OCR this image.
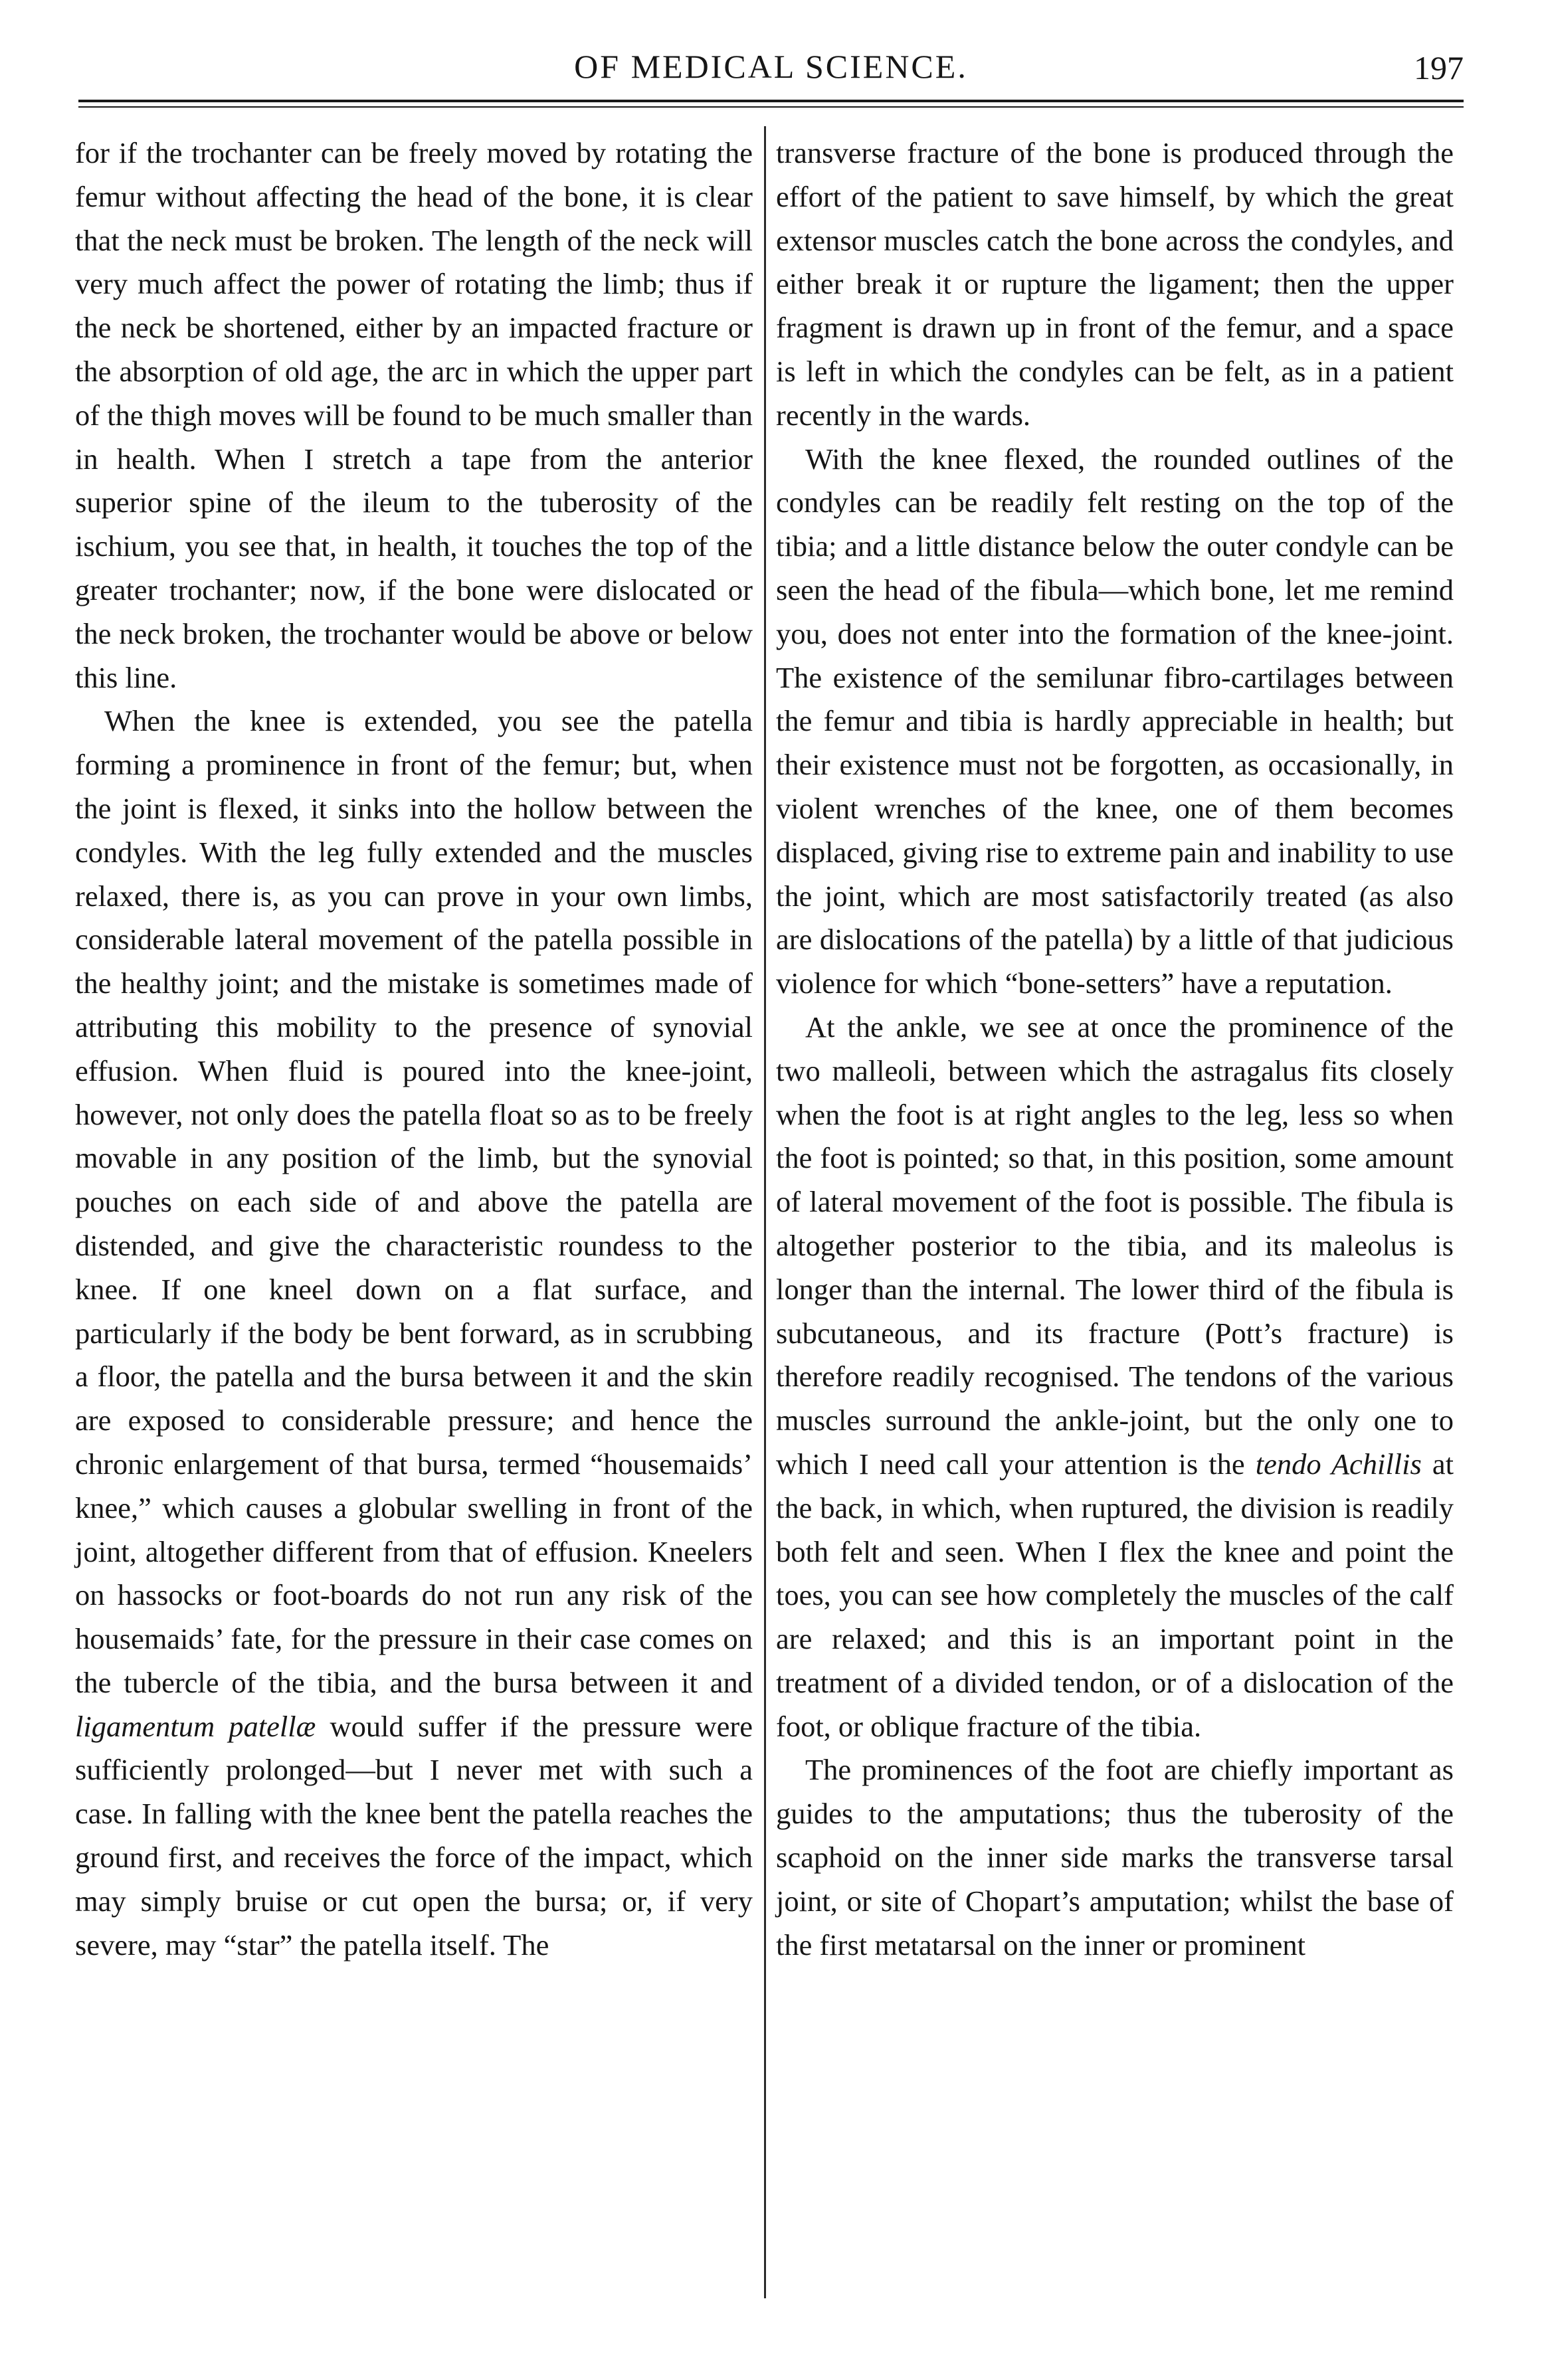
OF MEDICAL SCIENCE.	197

for if the trochanter can be freely moved by rotating the femur without affecting the head of the bone, it is clear that the neck must be broken. The length of the neck will very much affect the power of rotating the limb; thus if the neck be shortened, either by an impacted fracture or the absorption of old age, the arc in which the upper part of the thigh moves will be found to be much smaller than in health. When I stretch a tape from the anterior superior spine of the ileum to the tuberosity of the ischium, you see that, in health, it touches the top of the greater trochanter; now, if the bone were dislocated or the neck broken, the trochanter would be above or below this line.

When the knee is extended, you see the patella forming a prominence in front of the femur; but, when the joint is flexed, it sinks into the hollow between the condyles. With the leg fully extended and the muscles relaxed, there is, as you can prove in your own limbs, considerable lateral movement of the patella possible in the healthy joint; and the mistake is sometimes made of attributing this mobility to the presence of synovial effusion. When fluid is poured into the knee-joint, however, not only does the patella float so as to be freely movable in any position of the limb, but the synovial pouches on each side of and above the patella are distended, and give the characteristic roundess to the knee. If one kneel down on a flat surface, and particularly if the body be bent forward, as in scrubbing a floor, the patella and the bursa between it and the skin are exposed to considerable pressure; and hence the chronic enlargement of that bursa, termed “housemaids’ knee,” which causes a globular swelling in front of the joint, altogether different from that of effusion. Kneelers on hassocks or foot-boards do not run any risk of the housemaids’ fate, for the pressure in their case comes on the tubercle of the tibia, and the bursa between it and ligamentum patellæ would suffer if the pressure were sufficiently prolonged—but I never met with such a case. In falling with the knee bent the patella reaches the ground first, and receives the force of the impact, which may simply bruise or cut open the bursa; or, if very severe, may “star” the patella itself. The

transverse fracture of the bone is produced through the effort of the patient to save himself, by which the great extensor muscles catch the bone across the condyles, and either break it or rupture the ligament; then the upper fragment is drawn up in front of the femur, and a space is left in which the condyles can be felt, as in a patient recently in the wards.

With the knee flexed, the rounded outlines of the condyles can be readily felt resting on the top of the tibia; and a little distance below the outer condyle can be seen the head of the fibula—which bone, let me remind you, does not enter into the formation of the knee-joint. The existence of the semilunar fibro-cartilages between the femur and tibia is hardly appreciable in health; but their existence must not be forgotten, as occasionally, in violent wrenches of the knee, one of them becomes displaced, giving rise to extreme pain and inability to use the joint, which are most satisfactorily treated (as also are dislocations of the patella) by a little of that judicious violence for which “bone-setters” have a reputation.

At the ankle, we see at once the prominence of the two malleoli, between which the astragalus fits closely when the foot is at right angles to the leg, less so when the foot is pointed; so that, in this position, some amount of lateral movement of the foot is possible. The fibula is altogether posterior to the tibia, and its maleolus is longer than the internal. The lower third of the fibula is subcutaneous, and its fracture (Pott’s fracture) is therefore readily recognised. The tendons of the various muscles surround the ankle-joint, but the only one to which I need call your attention is the tendo Achillis at the back, in which, when ruptured, the division is readily both felt and seen. When I flex the knee and point the toes, you can see how completely the muscles of the calf are relaxed; and this is an important point in the treatment of a divided tendon, or of a dislocation of the foot, or oblique fracture of the tibia.

The prominences of the foot are chiefly important as guides to the amputations; thus the tuberosity of the scaphoid on the inner side marks the transverse tarsal joint, or site of Chopart’s amputation; whilst the base of the first metatarsal on the inner or prominent
